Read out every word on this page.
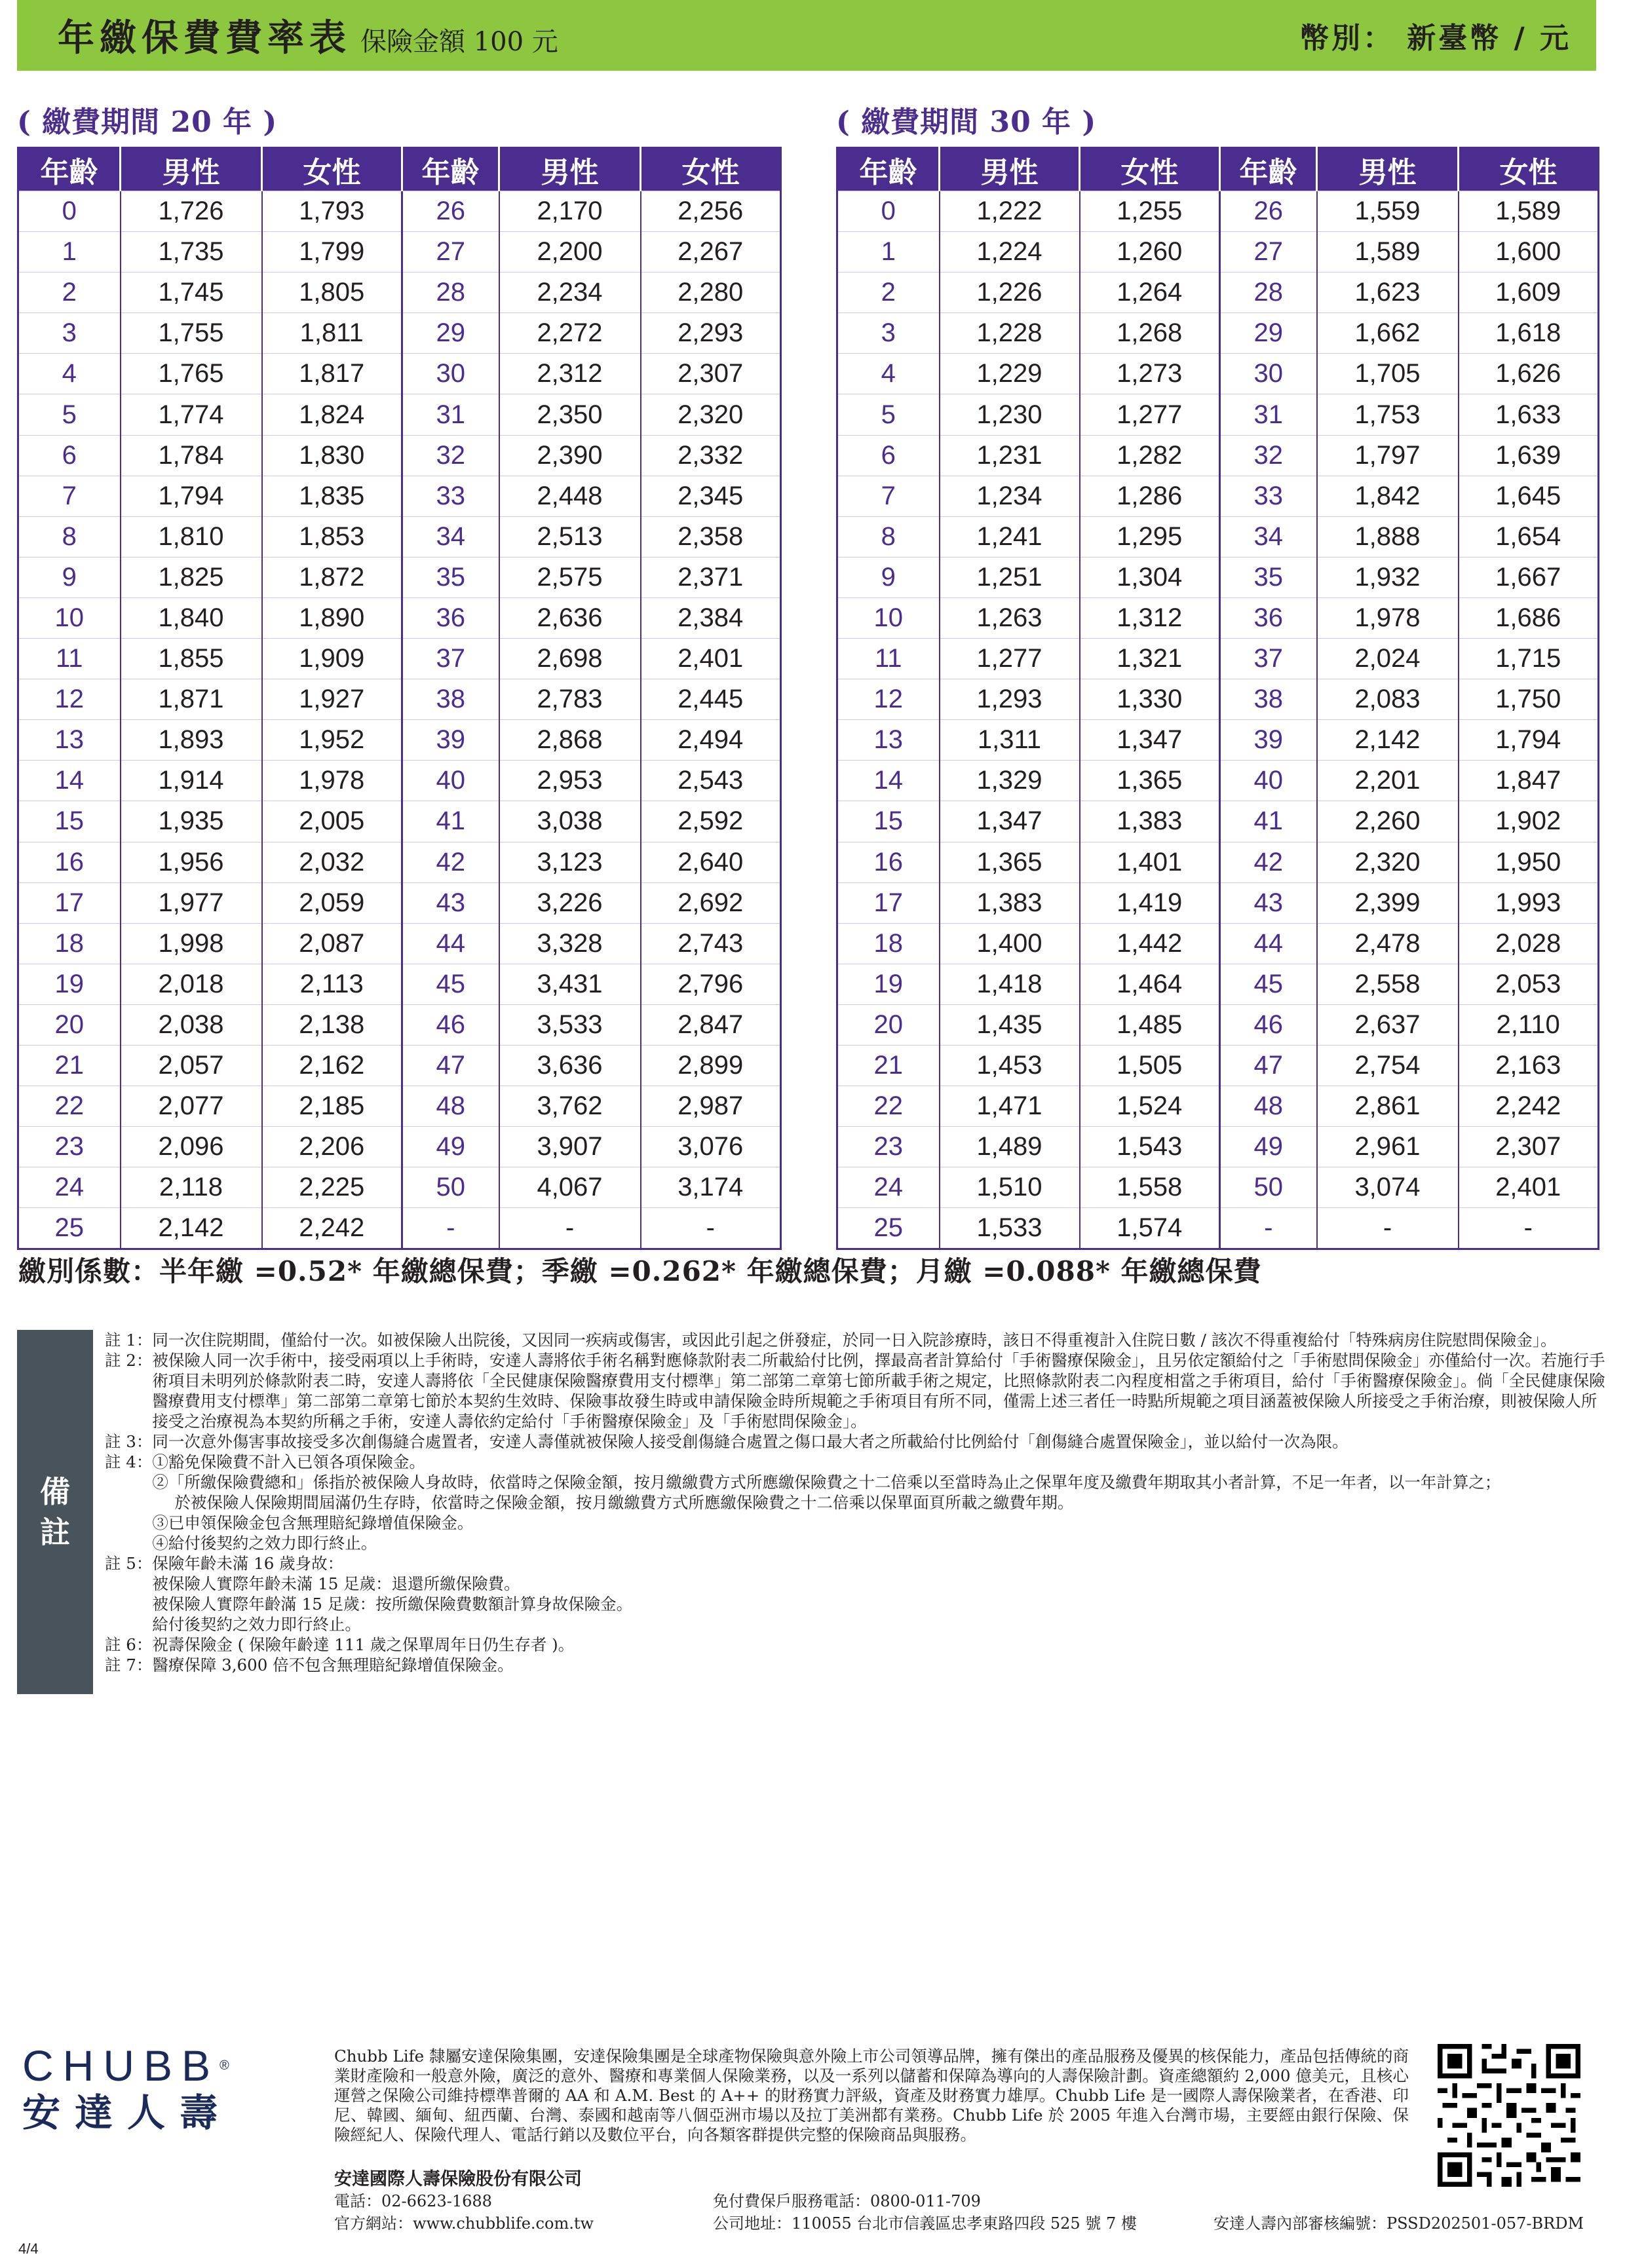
年繳保費費率表 保險金額 100 元	幣別： 新臺幣 / 元
( 繳費期間 20 年 )	( 繳費期間 30 年 )
年齡	男性	女性	年齡	男性	女性
0	1,726	1,793	26	2,170	2,256
1	1,735	1,799	27	2,200	2,267
2	1,745	1,805	28	2,234	2,280
3	1,755	1,811	29	2,272	2,293
4	1,765	1,817	30	2,312	2,307
5	1,774	1,824	31	2,350	2,320
6	1,784	1,830	32	2,390	2,332
7	1,794	1,835	33	2,448	2,345
8	1,810	1,853	34	2,513	2,358
9	1,825	1,872	35	2,575	2,371
10	1,840	1,890	36	2,636	2,384
11	1,855	1,909	37	2,698	2,401
12	1,871	1,927	38	2,783	2,445
13	1,893	1,952	39	2,868	2,494
14	1,914	1,978	40	2,953	2,543
15	1,935	2,005	41	3,038	2,592
16	1,956	2,032	42	3,123	2,640
17	1,977	2,059	43	3,226	2,692
18	1,998	2,087	44	3,328	2,743
19	2,018	2,113	45	3,431	2,796
20	2,038	2,138	46	3,533	2,847
21	2,057	2,162	47	3,636	2,899
22	2,077	2,185	48	3,762	2,987
23	2,096	2,206	49	3,907	3,076
24	2,118	2,225	50	4,067	3,174
25	2,142	2,242	-	-	-
年齡	男性	女性	年齡	男性	女性
0	1,222	1,255	26	1,559	1,589
1	1,224	1,260	27	1,589	1,600
2	1,226	1,264	28	1,623	1,609
3	1,228	1,268	29	1,662	1,618
4	1,229	1,273	30	1,705	1,626
5	1,230	1,277	31	1,753	1,633
6	1,231	1,282	32	1,797	1,639
7	1,234	1,286	33	1,842	1,645
8	1,241	1,295	34	1,888	1,654
9	1,251	1,304	35	1,932	1,667
10	1,263	1,312	36	1,978	1,686
11	1,277	1,321	37	2,024	1,715
12	1,293	1,330	38	2,083	1,750
13	1,311	1,347	39	2,142	1,794
14	1,329	1,365	40	2,201	1,847
15	1,347	1,383	41	2,260	1,902
16	1,365	1,401	42	2,320	1,950
17	1,383	1,419	43	2,399	1,993
18	1,400	1,442	44	2,478	2,028
19	1,418	1,464	45	2,558	2,053
20	1,435	1,485	46	2,637	2,110
21	1,453	1,505	47	2,754	2,163
22	1,471	1,524	48	2,861	2,242
23	1,489	1,543	49	2,961	2,307
24	1,510	1,558	50	3,074	2,401
25	1,533	1,574	-	-	-
繳別係數：半年繳 =0.52* 年繳總保費；季繳 =0.262* 年繳總保費；月繳 =0.088* 年繳總保費
備
註
註 1： 同一次住院期間，僅給付一次。如被保險人出院後，又因同一疾病或傷害，或因此引起之併發症，於同一日入院診療時，該日不得重複計入住院日數 / 該次不得重複給付「特殊病房住院慰問保險金」。
註 2： 被保險人同一次手術中，接受兩項以上手術時，安達人壽將依手術名稱對應條款附表二所載給付比例，擇最高者計算給付「手術醫療保險金」，且另依定額給付之「手術慰問保險金」亦僅給付一次。若施行手術項目未明列於條款附表二時，安達人壽將依「全民健康保險醫療費用支付標準」第二部第二章第七節所載手術之規定，比照條款附表二內程度相當之手術項目，給付「手術醫療保險金」。倘「全民健康保險醫療費用支付標準」第二部第二章第七節於本契約生效時、保險事故發生時或申請保險金時所規範之手術項目有所不同，僅需上述三者任一時點所規範之項目涵蓋被保險人所接受之手術治療，則被保險人所接受之治療視為本契約所稱之手術，安達人壽依約定給付「手術醫療保險金」及「手術慰問保險金」。
註 3： 同一次意外傷害事故接受多次創傷縫合處置者，安達人壽僅就被保險人接受創傷縫合處置之傷口最大者之所載給付比例給付「創傷縫合處置保險金」，並以給付一次為限。
註 4： ①豁免保險費不計入已領各項保險金。
②「所繳保險費總和」係指於被保險人身故時，依當時之保險金額，按月繳繳費方式所應繳保險費之十二倍乘以至當時為止之保單年度及繳費年期取其小者計算，不足一年者，以一年計算之；
於被保險人保險期間屆滿仍生存時，依當時之保險金額，按月繳繳費方式所應繳保險費之十二倍乘以保單面頁所載之繳費年期。
③已申領保險金包含無理賠紀錄增值保險金。
④給付後契約之效力即行終止。
註 5： 保險年齡未滿 16 歲身故：
被保險人實際年齡未滿 15 足歲：退還所繳保險費。
被保險人實際年齡滿 15 足歲：按所繳保險費數額計算身故保險金。
給付後契約之效力即行終止。
註 6： 祝壽保險金 ( 保險年齡達 111 歲之保單周年日仍生存者 )。
註 7： 醫療保障 3,600 倍不包含無理賠紀錄增值保險金。
CHUBB®
安達人壽
Chubb Life 隸屬安達保險集團，安達保險集團是全球產物保險與意外險上市公司領導品牌，擁有傑出的產品服務及優異的核保能力，產品包括傳統的商業財產險和一般意外險，廣泛的意外、醫療和專業個人保險業務，以及一系列以儲蓄和保障為導向的人壽保險計劃。資產總額約 2,000 億美元，且核心運營之保險公司維持標準普爾的 AA 和 A.M. Best 的 A++ 的財務實力評級，資產及財務實力雄厚。Chubb Life 是一國際人壽保險業者，在香港、印尼、韓國、緬甸、紐西蘭、台灣、泰國和越南等八個亞洲市場以及拉丁美洲都有業務。Chubb Life 於 2005 年進入台灣市場，主要經由銀行保險、保險經紀人、保險代理人、電話行銷以及數位平台，向各類客群提供完整的保險商品與服務。
安達國際人壽保險股份有限公司
電話：02-6623-1688
官方網站：www.chubblife.com.tw
免付費保戶服務電話：0800-011-709
公司地址：110055 台北市信義區忠孝東路四段 525 號 7 樓	安達人壽內部審核編號：PSSD202501-057-BRDM
4/4
